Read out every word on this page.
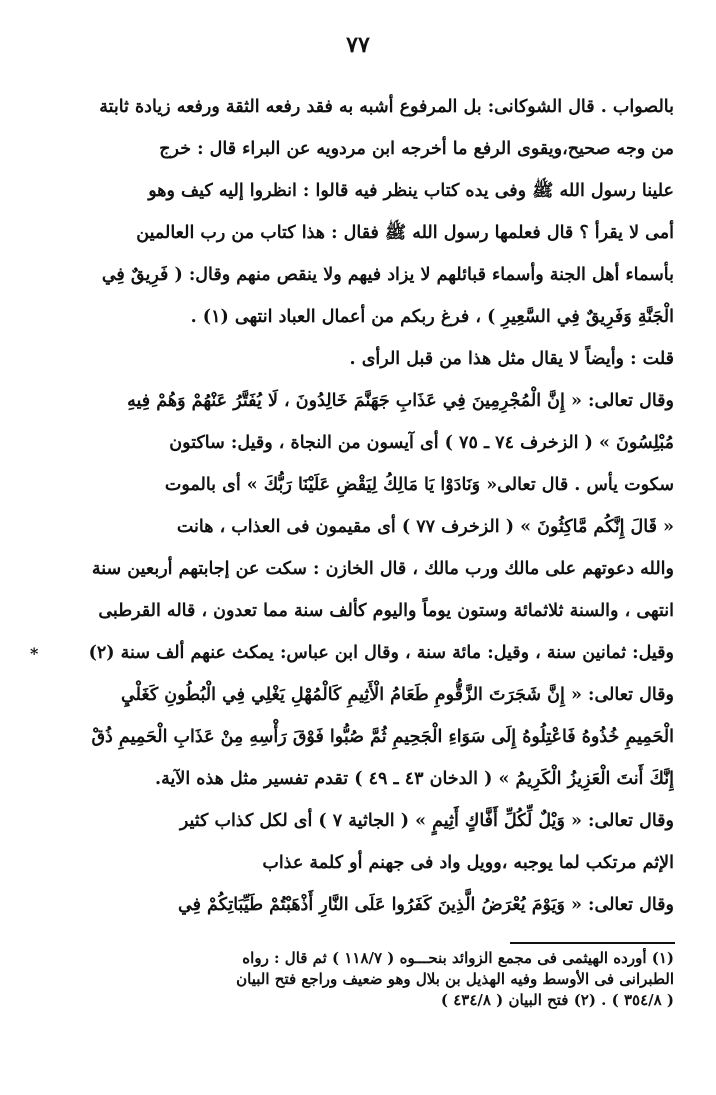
٧٧
بالصواب . قال الشوكانى: بل المرفوع أشبه به فقد رفعه الثقة ورفعه زيادة ثابتة
من وجه صحيح،ويقوى الرفع ما أخرجه ابن مردويه عن البراء قال : خرج
علينا رسول الله ﷺ وفى يده كتاب ينظر فيه قالوا : انظروا إليه كيف وهو
أمى لا يقرأ ؟ قال فعلمها رسول الله ﷺ فقال : هذا كتاب من رب العالمين
بأسماء أهل الجنة وأسماء قبائلهم لا يزاد فيهم ولا ينقص منهم وقال: ( فَرِيقٌ فِي
الْجَنَّةِ وَفَرِيقٌ فِي السَّعِيرِ ) ، فرغ ربكم من أعمال العباد انتهى (١) .
قلت : وأيضاً لا يقال مثل هذا من قبل الرأى .
وقال تعالى: « إِنَّ الْمُجْرِمِينَ فِي عَذَابِ جَهَنَّمَ خَالِدُونَ ، لَا يُفَتَّرُ عَنْهُمْ وَهُمْ فِيهِ
مُبْلِسُونَ » ( الزخرف ٧٤ ـ ٧٥ ) أى آيسون من النجاة ، وقيل: ساكتون
سكوت يأس . قال تعالى« وَنَادَوْا يَا مَالِكُ لِيَقْضِ عَلَيْنَا رَبُّكَ » أى بالموت
« قَالَ إِنَّكُم مَّاكِثُونَ » ( الزخرف ٧٧ ) أى مقيمون فى العذاب ، هانت
والله دعوتهم على مالك ورب مالك ، قال الخازن : سكت عن إجابتهم أربعين سنة
انتهى ، والسنة ثلاثمائة وستون يوماً واليوم كألف سنة مما تعدون ، قاله القرطبى
وقيل: ثمانين سنة ، وقيل: مائة سنة ، وقال ابن عباس: يمكث عنهم ألف سنة (٢)
وقال تعالى: « إِنَّ شَجَرَتَ الزَّقُّومِ طَعَامُ الْأَثِيمِ كَالْمُهْلِ يَغْلِي فِي الْبُطُونِ كَغَلْيِ
الْحَمِيمِ خُذُوهُ فَاعْتِلُوهُ إِلَى سَوَاءِ الْجَحِيمِ ثُمَّ صُبُّوا فَوْقَ رَأْسِهِ مِنْ عَذَابِ الْحَمِيمِ ذُقْ
إِنَّكَ أَنتَ الْعَزِيزُ الْكَرِيمُ » ( الدخان ٤٣ ـ ٤٩ ) تقدم تفسير مثل هذه الآية.
وقال تعالى: « وَيْلٌ لِّكُلِّ أَفَّاكٍ أَثِيمٍ » ( الجاثية ٧ ) أى لكل كذاب كثير
الإثم مرتكب لما يوجبه ،وويل واد فى جهنم أو كلمة عذاب
وقال تعالى: « وَيَوْمَ يُعْرَضُ الَّذِينَ كَفَرُوا عَلَى النَّارِ أَذْهَبْتُمْ طَيِّبَاتِكُمْ فِي
*
(١) أورده الهيثمى فى مجمع الزوائد بنحـــوه ( ١١٨/٧ ) ثم قال : رواه
الطبرانى فى الأوسط وفيه الهذيل بن بلال وهو ضعيف وراجع فتح البيان
( ٣٥٤/٨ ) . (٢) فتح البيان ( ٤٣٤/٨ )
